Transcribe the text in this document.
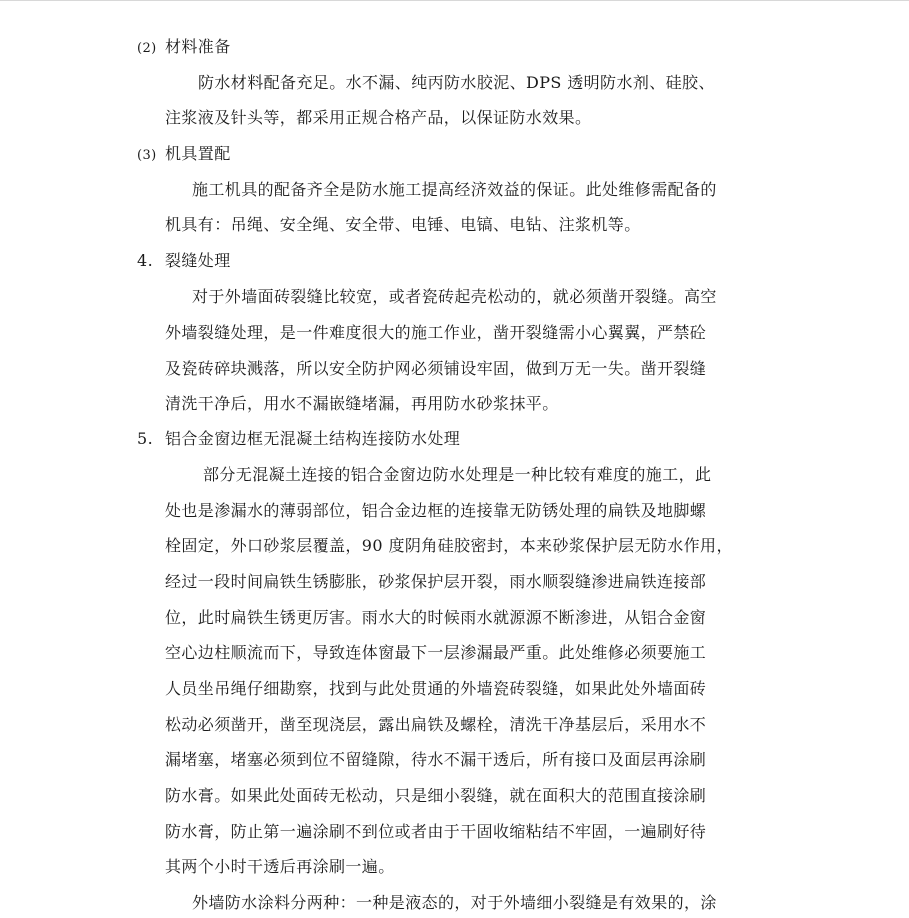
(2) 材料准备
防水材料配备充足。水不漏、纯丙防水胶泥、DPS 透明防水剂、硅胶、
注浆液及针头等，都采用正规合格产品，以保证防水效果。
(3) 机具置配
施工机具的配备齐全是防水施工提高经济效益的保证。此处维修需配备的
机具有：吊绳、安全绳、安全带、电锤、电镐、电钻、注浆机等。
4. 裂缝处理
对于外墙面砖裂缝比较宽，或者瓷砖起壳松动的，就必须凿开裂缝。高空
外墙裂缝处理，是一件难度很大的施工作业，凿开裂缝需小心翼翼，严禁砼
及瓷砖碎块溅落，所以安全防护网必须铺设牢固，做到万无一失。凿开裂缝
清洗干净后，用水不漏嵌缝堵漏，再用防水砂浆抹平。
5. 铝合金窗边框无混凝土结构连接防水处理
部分无混凝土连接的铝合金窗边防水处理是一种比较有难度的施工，此
处也是渗漏水的薄弱部位，铝合金边框的连接靠无防锈处理的扁铁及地脚螺
栓固定，外口砂浆层覆盖，90 度阴角硅胶密封，本来砂浆保护层无防水作用，
经过一段时间扁铁生锈膨胀，砂浆保护层开裂，雨水顺裂缝渗进扁铁连接部
位，此时扁铁生锈更厉害。雨水大的时候雨水就源源不断渗进，从铝合金窗
空心边柱顺流而下，导致连体窗最下一层渗漏最严重。此处维修必须要施工
人员坐吊绳仔细勘察，找到与此处贯通的外墙瓷砖裂缝，如果此处外墙面砖
松动必须凿开，凿至现浇层，露出扁铁及螺栓，清洗干净基层后，采用水不
漏堵塞，堵塞必须到位不留缝隙，待水不漏干透后，所有接口及面层再涂刷
防水膏。如果此处面砖无松动，只是细小裂缝，就在面积大的范围直接涂刷
防水膏，防止第一遍涂刷不到位或者由于干固收缩粘结不牢固，一遍刷好待
其两个小时干透后再涂刷一遍。
外墙防水涂料分两种：一种是液态的，对于外墙细小裂缝是有效果的，涂
